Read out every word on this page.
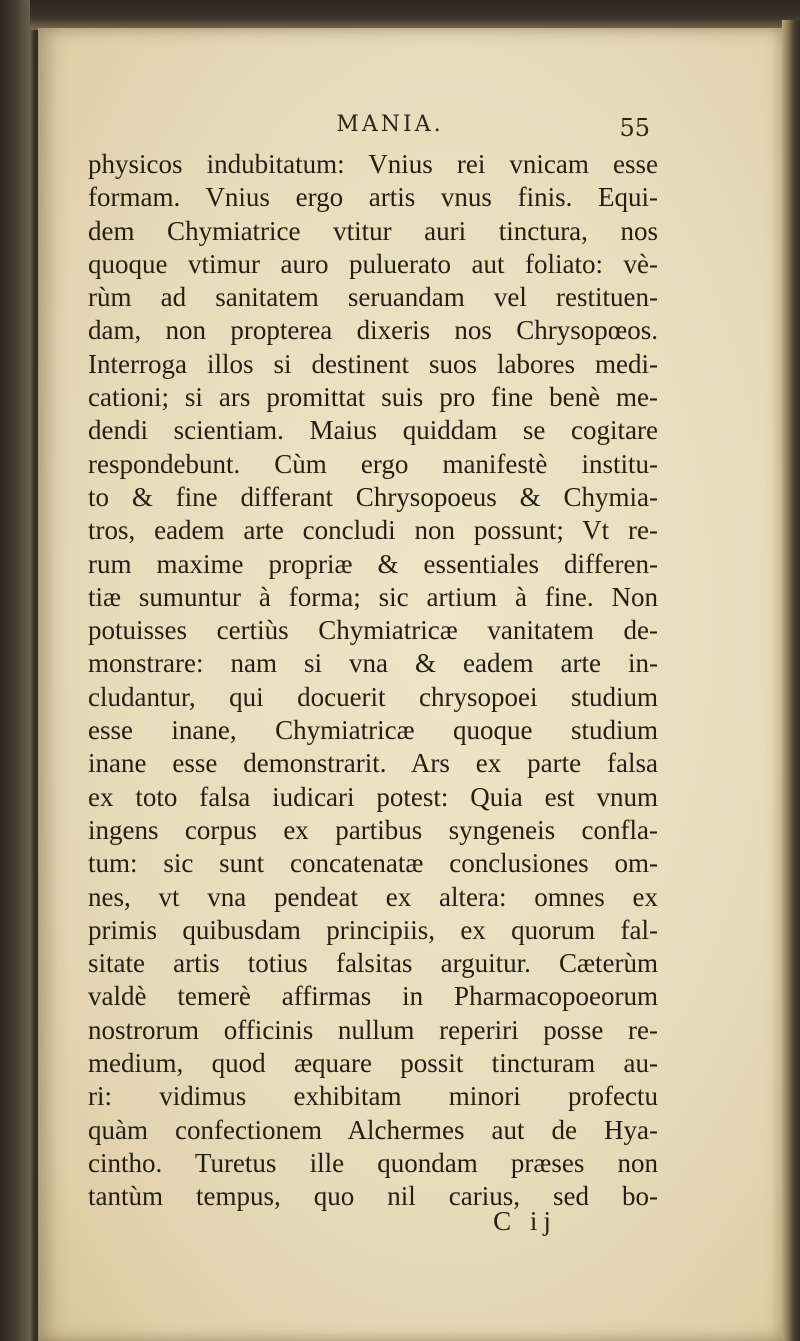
MANIA.	55
physicos indubitatum: Vnius rei vnicam esse
formam. Vnius ergo artis vnus finis. Equi-
dem Chymiatrice vtitur auri tinctura, nos
quoque vtimur auro puluerato aut foliato: vè-
rùm ad sanitatem seruandam vel restituen-
dam, non propterea dixeris nos Chrysopœos.
Interroga illos si destinent suos labores medi-
cationi; si ars promittat suis pro fine benè me-
dendi scientiam. Maius quiddam se cogitare
respondebunt. Cùm ergo manifestè institu-
to & fine differant Chrysopoeus & Chymia-
tros, eadem arte concludi non possunt; Vt re-
rum maxime propriæ & essentiales differen-
tiæ sumuntur à forma; sic artium à fine. Non
potuisses certiùs Chymiatricæ vanitatem de-
monstrare: nam si vna & eadem arte in-
cludantur, qui docuerit chrysopoei studium
esse inane, Chymiatricæ quoque studium
inane esse demonstrarit. Ars ex parte falsa
ex toto falsa iudicari potest: Quia est vnum
ingens corpus ex partibus syngeneis confla-
tum: sic sunt concatenatæ conclusiones om-
nes, vt vna pendeat ex altera: omnes ex
primis quibusdam principiis, ex quorum fal-
sitate artis totius falsitas arguitur. Cæterùm
valdè temerè affirmas in Pharmacopoeorum
nostrorum officinis nullum reperiri posse re-
medium, quod æquare possit tincturam au-
ri: vidimus exhibitam minori profectu
quàm confectionem Alchermes aut de Hya-
cintho. Turetus ille quondam præses non
tantùm tempus, quo nil carius, sed bo-
C ij
